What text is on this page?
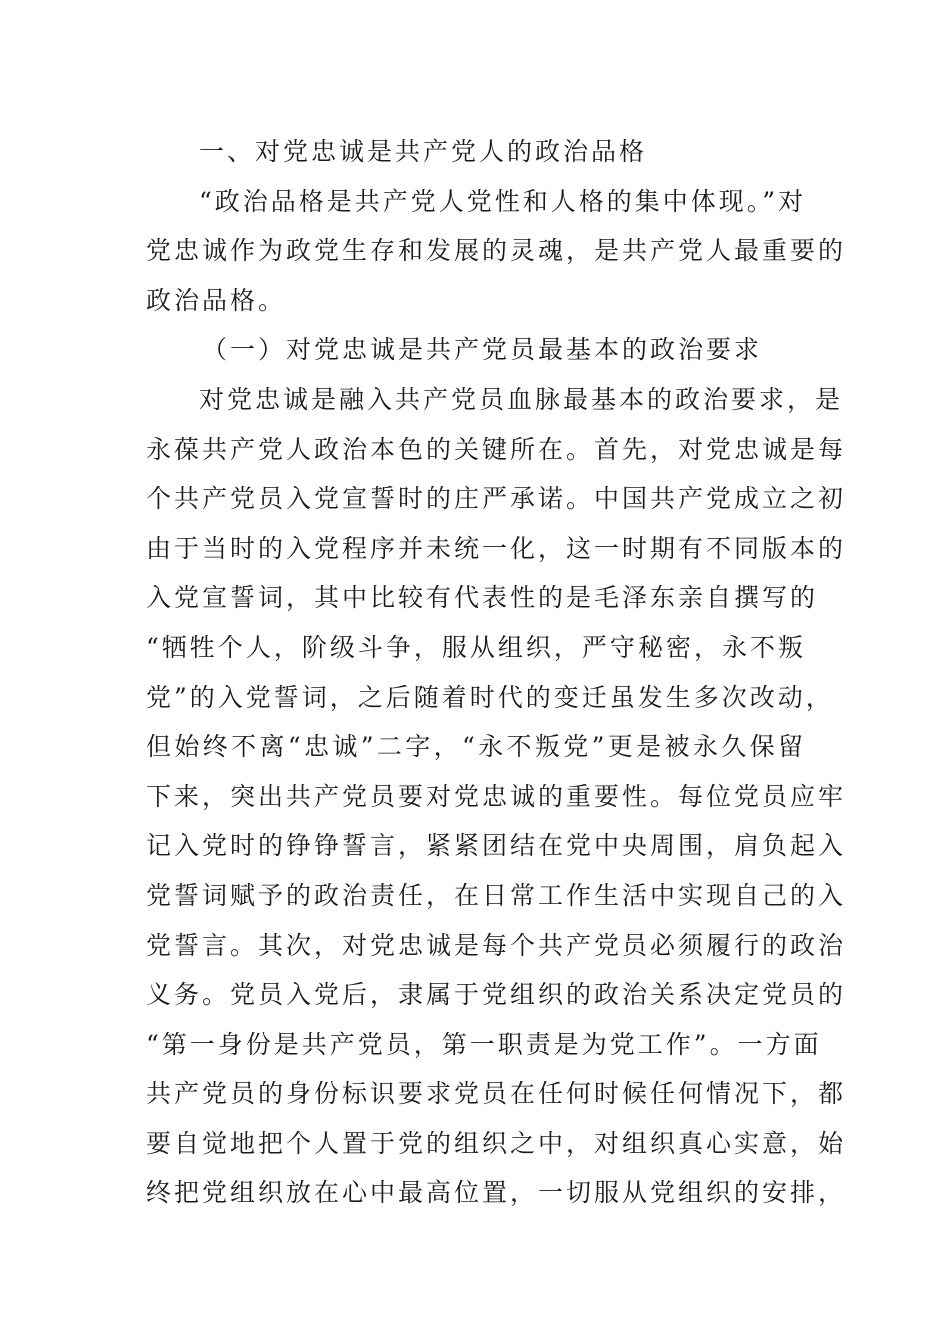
一、对党忠诚是共产党人的政治品格
“政治品格是共产党人党性和人格的集中体现。”对
党忠诚作为政党生存和发展的灵魂，是共产党人最重要的
政治品格。
（一）对党忠诚是共产党员最基本的政治要求
对党忠诚是融入共产党员血脉最基本的政治要求，是
永葆共产党人政治本色的关键所在。首先，对党忠诚是每
个共产党员入党宣誓时的庄严承诺。中国共产党成立之初
由于当时的入党程序并未统一化，这一时期有不同版本的
入党宣誓词，其中比较有代表性的是毛泽东亲自撰写的
“牺牲个人，阶级斗争，服从组织，严守秘密，永不叛
党”的入党誓词，之后随着时代的变迁虽发生多次改动，
但始终不离“忠诚”二字，“永不叛党”更是被永久保留
下来，突出共产党员要对党忠诚的重要性。每位党员应牢
记入党时的铮铮誓言，紧紧团结在党中央周围，肩负起入
党誓词赋予的政治责任，在日常工作生活中实现自己的入
党誓言。其次，对党忠诚是每个共产党员必须履行的政治
义务。党员入党后，隶属于党组织的政治关系决定党员的
“第一身份是共产党员，第一职责是为党工作”。一方面
共产党员的身份标识要求党员在任何时候任何情况下，都
要自觉地把个人置于党的组织之中，对组织真心实意，始
终把党组织放在心中最高位置，一切服从党组织的安排，
